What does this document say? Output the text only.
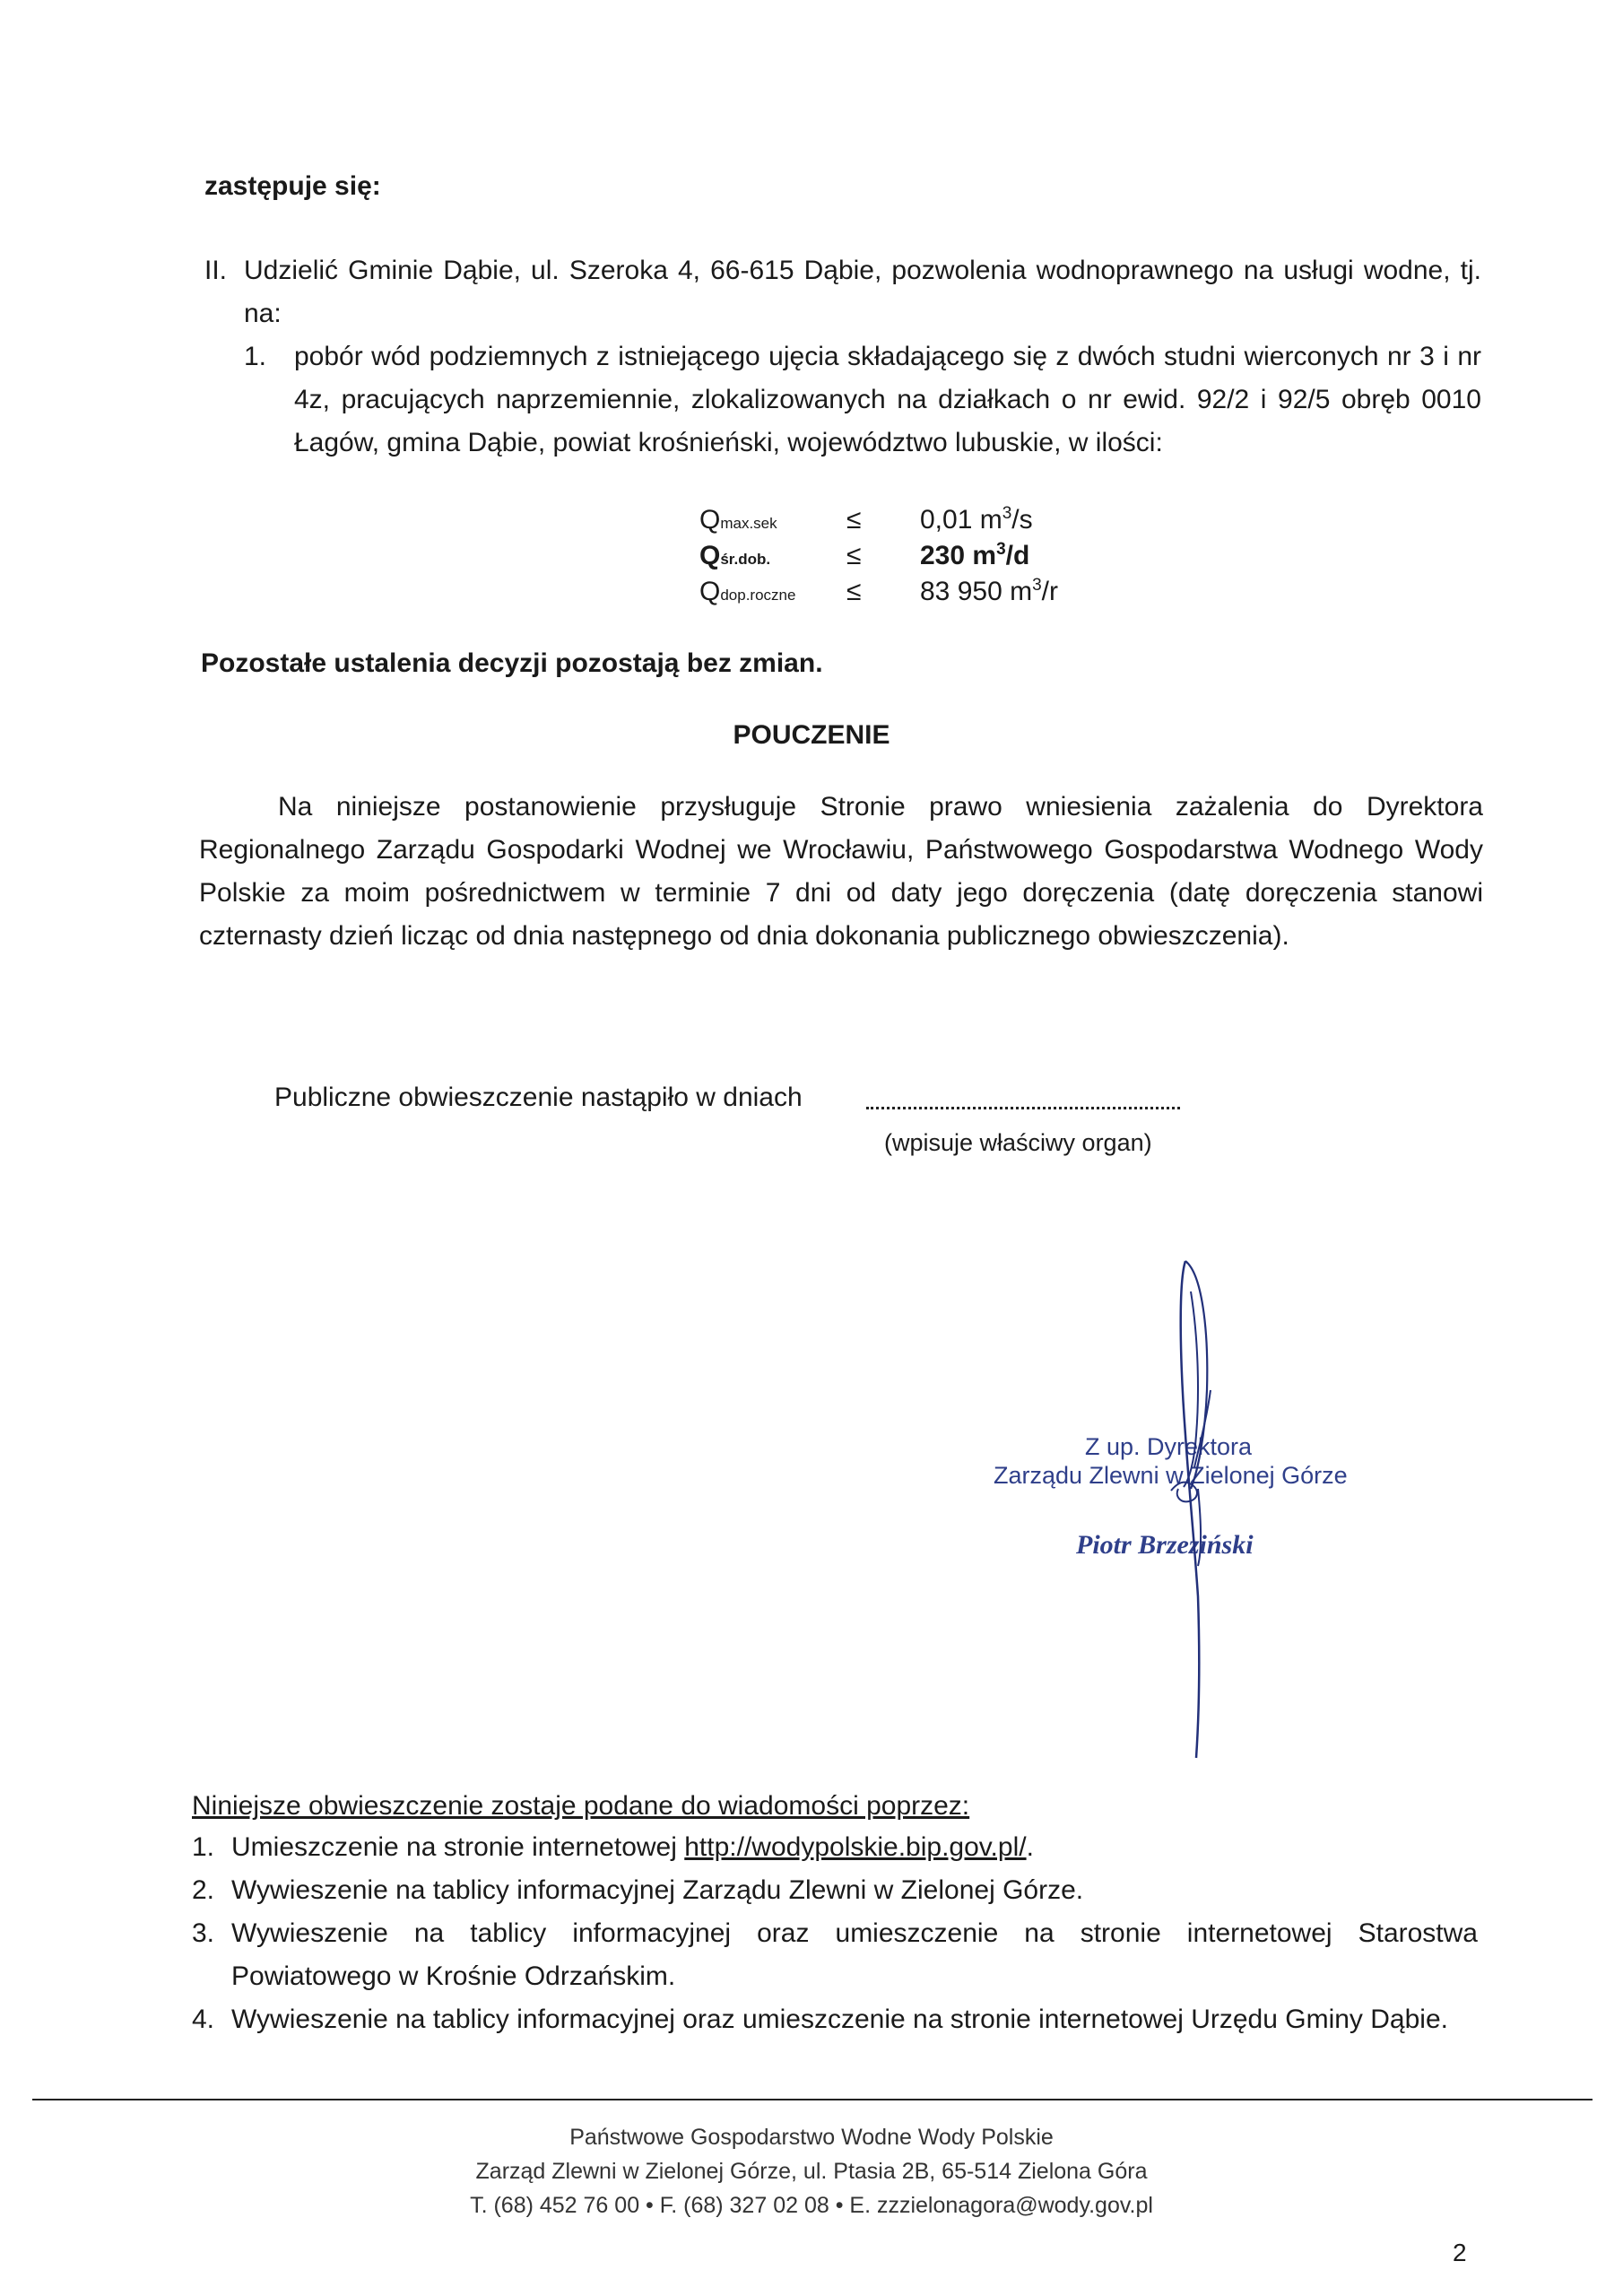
zastępuje się:
II. Udzielić Gminie Dąbie, ul. Szeroka 4, 66-615 Dąbie, pozwolenia wodnoprawnego na usługi wodne, tj. na:
1. pobór wód podziemnych z istniejącego ujęcia składającego się z dwóch studni wierconych nr 3 i nr 4z, pracujących naprzemiennie, zlokalizowanych na działkach o nr ewid. 92/2 i 92/5 obręb 0010 Łagów, gmina Dąbie, powiat krośnieński, województwo lubuskie, w ilości:
Qmax.sek	≤ 0,01 $m^3/s$
Qśr.dob.	≤ 230 $m^3/d$
Qdop.roczne ≤ 83 950 $m^3/r$
Pozostałe ustalenia decyzji pozostają bez zmian.
POUCZENIE
Na niniejsze postanowienie przysługuje Stronie prawo wniesienia zażalenia do Dyrektora Regionalnego Zarządu Gospodarki Wodnej we Wrocławiu, Państwowego Gospodarstwa Wodnego Wody Polskie za moim pośrednictwem w terminie 7 dni od daty jego doręczenia (datę doręczenia stanowi czternasty dzień licząc od dnia następnego od dnia dokonania publicznego obwieszczenia).
Publiczne obwieszczenie nastąpiło w dniach
(wpisuje właściwy organ)
Z up. Dyrektora
Zarządu Zlewni w Zielonej Górze
Piotr Brzeziński
Niniejsze obwieszczenie zostaje podane do wiadomości poprzez:
1. Umieszczenie na stronie internetowej http://wodypolskie.bip.gov.pl/.
2. Wywieszenie na tablicy informacyjnej Zarządu Zlewni w Zielonej Górze.
3. Wywieszenie na tablicy informacyjnej oraz umieszczenie na stronie internetowej Starostwa Powiatowego w Krośnie Odrzańskim.
4. Wywieszenie na tablicy informacyjnej oraz umieszczenie na stronie internetowej Urzędu Gminy Dąbie.
Państwowe Gospodarstwo Wodne Wody Polskie
Zarząd Zlewni w Zielonej Górze, ul. Ptasia 2B, 65-514 Zielona Góra
T. (68) 452 76 00 • F. (68) 327 02 08 • E. zzzielonagora@wody.gov.pl
2
